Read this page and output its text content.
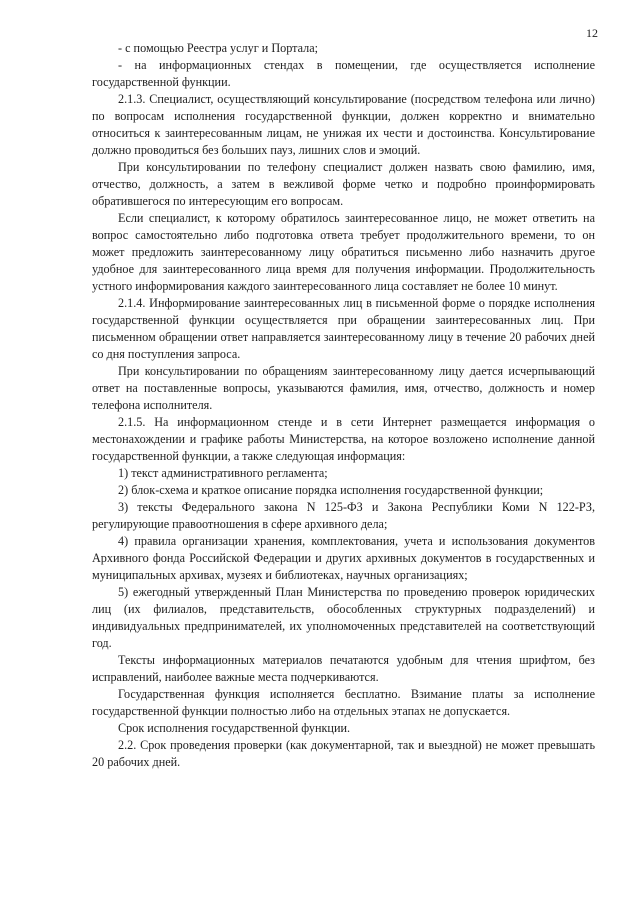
12

- с помощью Реестра услуг и Портала;

- на информационных стендах в помещении, где осуществляется исполнение государственной функции.

2.1.3. Специалист, осуществляющий консультирование (посредством телефона или лично) по вопросам исполнения государственной функции, должен корректно и внимательно относиться к заинтересованным лицам, не унижая их чести и достоинства. Консультирование должно проводиться без больших пауз, лишних слов и эмоций.

При консультировании по телефону специалист должен назвать свою фамилию, имя, отчество, должность, а затем в вежливой форме четко и подробно проинформировать обратившегося по интересующим его вопросам.

Если специалист, к которому обратилось заинтересованное лицо, не может ответить на вопрос самостоятельно либо подготовка ответа требует продолжительного времени, то он может предложить заинтересованному лицу обратиться письменно либо назначить другое удобное для заинтересованного лица время для получения информации. Продолжительность устного информирования каждого заинтересованного лица составляет не более 10 минут.

2.1.4. Информирование заинтересованных лиц в письменной форме о порядке исполнения государственной функции осуществляется при обращении заинтересованных лиц. При письменном обращении ответ направляется заинтересованному лицу в течение 20 рабочих дней со дня поступления запроса.

При консультировании по обращениям заинтересованному лицу дается исчерпывающий ответ на поставленные вопросы, указываются фамилия, имя, отчество, должность и номер телефона исполнителя.

2.1.5. На информационном стенде и в сети Интернет размещается информация о местонахождении и графике работы Министерства, на которое возложено исполнение данной государственной функции, а также следующая информация:

1) текст административного регламента;

2) блок-схема и краткое описание порядка исполнения государственной функции;

3) тексты Федерального закона N 125-ФЗ и Закона Республики Коми N 122-РЗ, регулирующие правоотношения в сфере архивного дела;

4) правила организации хранения, комплектования, учета и использования документов Архивного фонда Российской Федерации и других архивных документов в государственных и муниципальных архивах, музеях и библиотеках, научных организациях;

5) ежегодный утвержденный План Министерства по проведению проверок юридических лиц (их филиалов, представительств, обособленных структурных подразделений) и индивидуальных предпринимателей, их уполномоченных представителей на соответствующий год.

Тексты информационных материалов печатаются удобным для чтения шрифтом, без исправлений, наиболее важные места подчеркиваются.

Государственная функция исполняется бесплатно. Взимание платы за исполнение государственной функции полностью либо на отдельных этапах не допускается.

Срок исполнения государственной функции.

2.2. Срок проведения проверки (как документарной, так и выездной) не может превышать 20 рабочих дней.
